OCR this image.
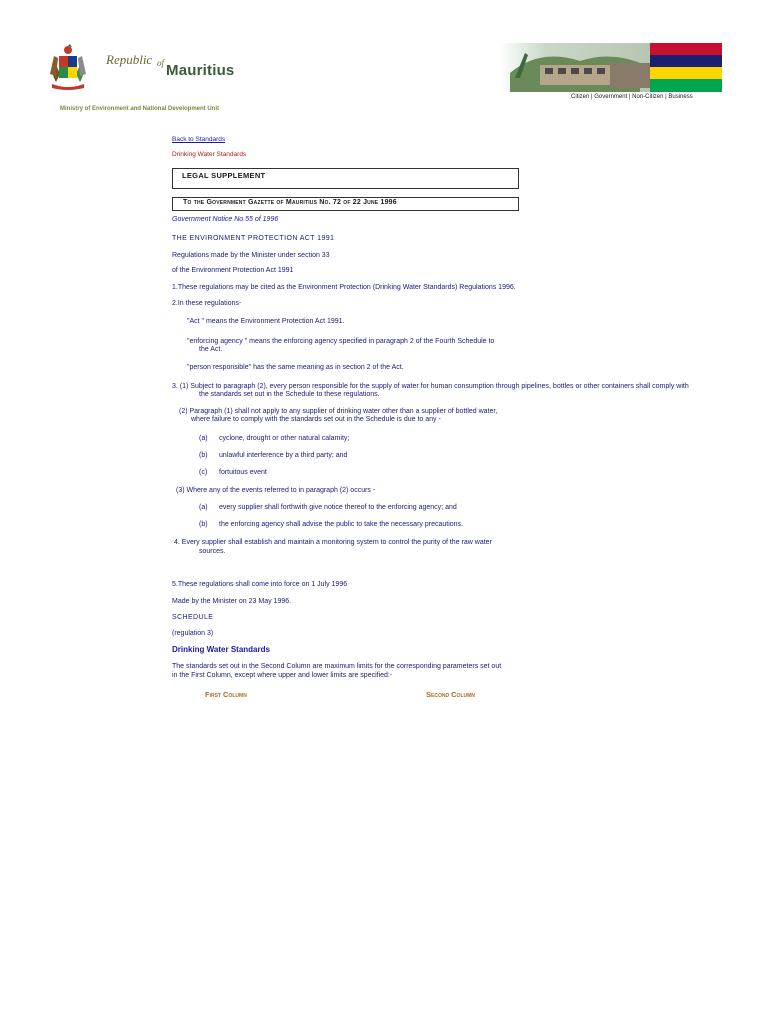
Republic of Mauritius
Ministry of Environment and National Development Unit
Citizen | Government | Non-Citizen | Business
Back to Standards
Drinking Water Standards
LEGAL SUPPLEMENT
To the Government Gazette of Mauritius No. 72 of 22 June 1996
Government Notice No.55 of 1996
THE ENVIRONMENT PROTECTION ACT 1991
Regulations made by the Minister under section 33
of the Environment Protection Act 1991
1.These regulations may be cited as the Environment Protection (Drinking Water Standards) Regulations 1996.
2.In these regulations-
"Act " means the Environment Protection Act 1991.
"enforcing agency " means the enforcing agency specified in paragraph 2 of the Fourth Schedule to
the Act.
"person responsible" has the same meaning as in section 2 of the Act.
3. (1) Subject to paragraph (2), every person responsible for the supply of water for human consumption through pipelines, bottles or other containers shall comply with
the standards set out in the Schedule to these regulations.
(2) Paragraph (1) shall not apply to any supplier of drinking water other than a supplier of bottled water,
where failure to comply with the standards set out in the Schedule is due to any -
(a) cyclone, drought or other natural calamity;
(b) unlawful interference by a third party; and
(c) fortuitous event
(3) Where any of the events referred to in paragraph (2) occurs -
(a) every supplier shall forthwith give notice thereof to the enforcing agency; and
(b) the enforcing agency shall advise the public to take the necessary precautions.
4. Every supplier shall establish and maintain a monitoring system to control the purity of the raw water
sources.
5.These regulations shall come into force on 1 July 1996
Made by the Minister on 23 May 1996.
SCHEDULE
(regulation 3)
Drinking Water Standards
The standards set out in the Second Column are maximum limits for the corresponding parameters set out
in the First Column, except where upper and lower limits are specified:-
First Column	Second Column
